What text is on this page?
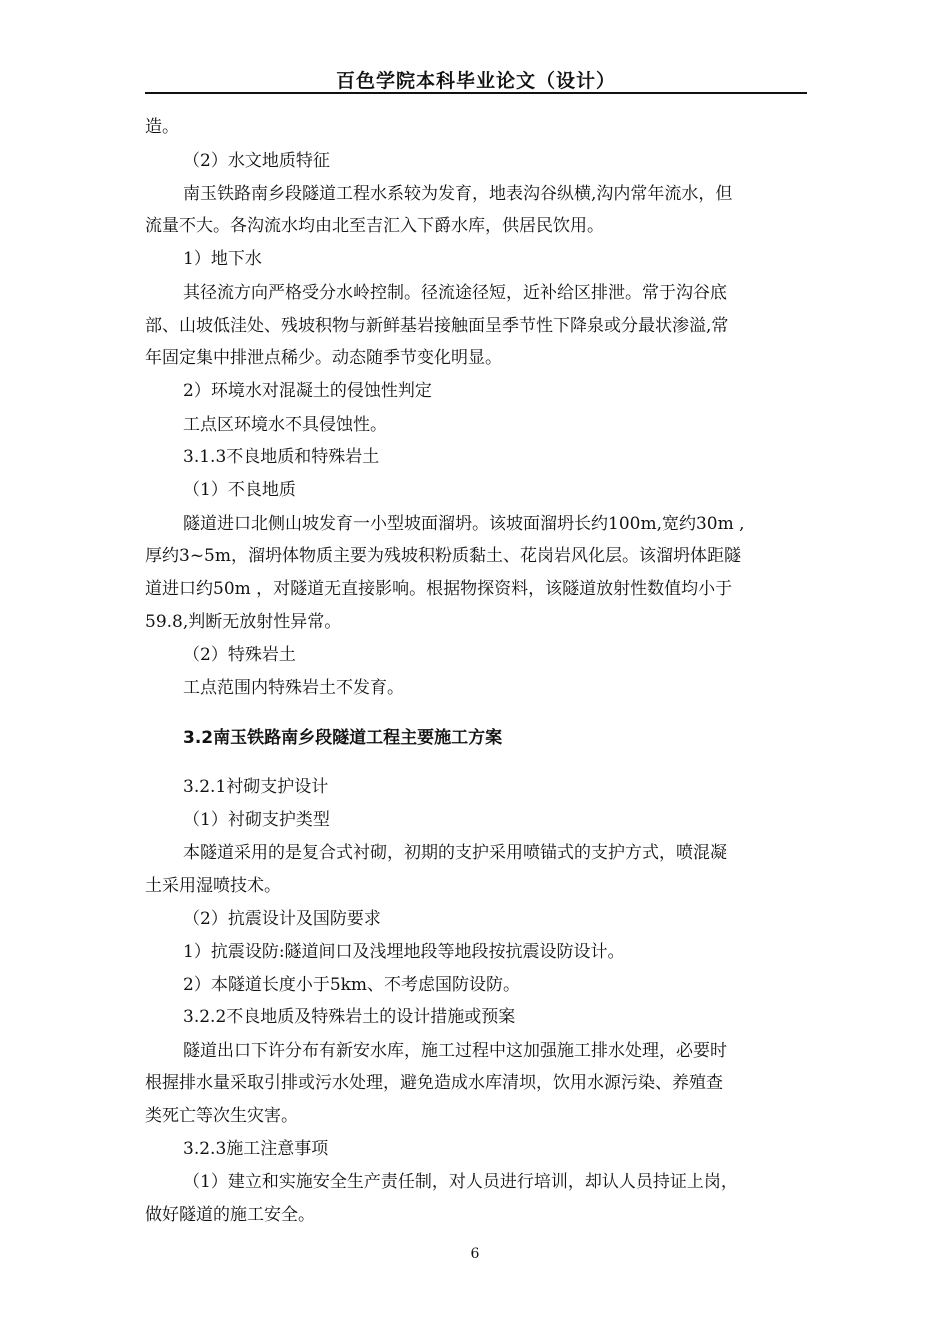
百色学院本科毕业论文（设计）
造。
（2）水文地质特征
南玉铁路南乡段隧道工程水系较为发育，地表沟谷纵横,沟内常年流水，但
流量不大。各沟流水均由北至吉汇入下爵水库，供居民饮用。
1）地下水
其径流方向严格受分水岭控制。径流途径短，近补给区排泄。常于沟谷底
部、山坡低洼处、残坡积物与新鲜基岩接触面呈季节性下降泉或分最状渗溢,常
年固定集中排泄点稀少。动态随季节变化明显。
2）环境水对混凝土的侵蚀性判定
工点区环境水不具侵蚀性。
3.1.3不良地质和特殊岩土
（1）不良地质
隧道进口北侧山坡发育一小型坡面溜坍。该坡面溜坍长约100m,宽约30m ,
厚约3~5m，溜坍体物质主要为残坡积粉质黏土、花岗岩风化层。该溜坍体距隧
道进口约50m ，对隧道无直接影响。根据物探资料，该隧道放射性数值均小于
59.8,判断无放射性异常。
（2）特殊岩土
工点范围内特殊岩土不发育。
3.2南玉铁路南乡段隧道工程主要施工方案
3.2.1衬砌支护设计
（1）衬砌支护类型
本隧道采用的是复合式衬砌，初期的支护采用喷锚式的支护方式，喷混凝
土采用湿喷技术。
（2）抗震设计及国防要求
1）抗震设防:隧道间口及浅埋地段等地段按抗震设防设计。
2）本隧道长度小于5km、不考虑国防设防。
3.2.2不良地质及特殊岩土的设计措施或预案
隧道出口下许分布有新安水库，施工过程中这加强施工排水处理，必要时
根握排水量采取引排或污水处理，避免造成水库清坝，饮用水源污染、养殖查
类死亡等次生灾害。
3.2.3施工注意事项
（1）建立和实施安全生产责任制，对人员进行培训，却认人员持证上岗，
做好隧道的施工安全。
6
